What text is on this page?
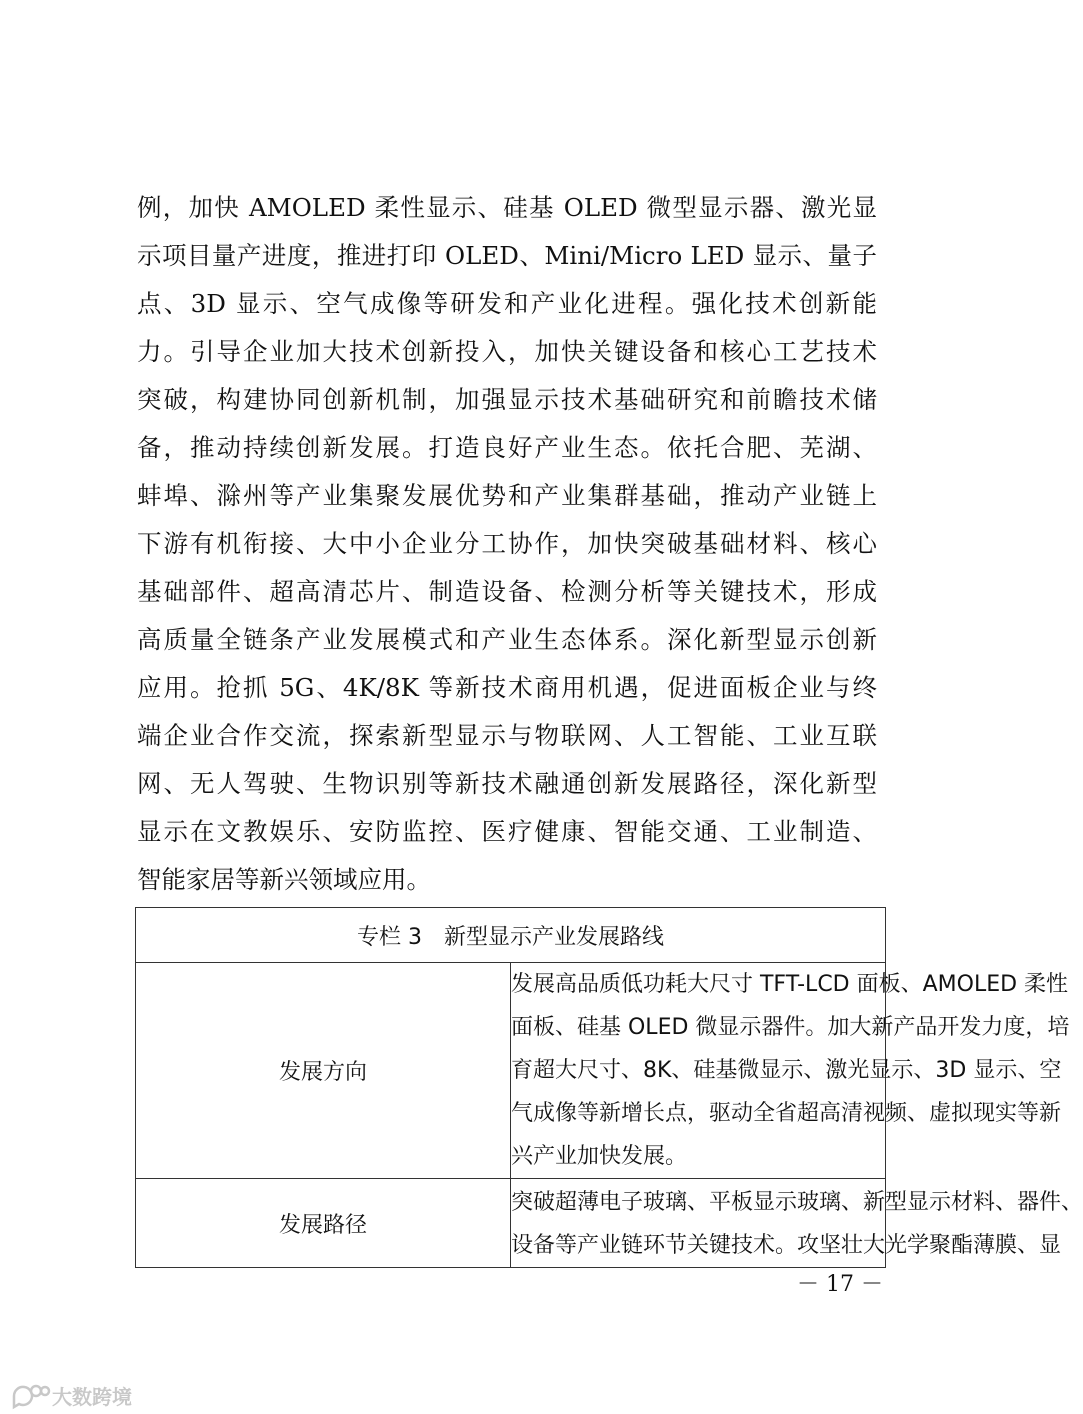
例，加快 AMOLED 柔性显示、硅基 OLED 微型显示器、激光显
示项目量产进度，推进打印 OLED、Mini/Micro LED 显示、量子
点、3D 显示、空气成像等研发和产业化进程。强化技术创新能
力。引导企业加大技术创新投入，加快关键设备和核心工艺技术
突破，构建协同创新机制，加强显示技术基础研究和前瞻技术储
备，推动持续创新发展。打造良好产业生态。依托合肥、芜湖、
蚌埠、滁州等产业集聚发展优势和产业集群基础，推动产业链上
下游有机衔接、大中小企业分工协作，加快突破基础材料、核心
基础部件、超高清芯片、制造设备、检测分析等关键技术，形成
高质量全链条产业发展模式和产业生态体系。深化新型显示创新
应用。抢抓 5G、4K/8K 等新技术商用机遇，促进面板企业与终
端企业合作交流，探索新型显示与物联网、人工智能、工业互联
网、无人驾驶、生物识别等新技术融通创新发展路径，深化新型
显示在文教娱乐、安防监控、医疗健康、智能交通、工业制造、
智能家居等新兴领域应用。
专栏 3　新型显示产业发展路线	
发展方向	发展高品质低功耗大尺寸 TFT-LCD 面板、AMOLED 柔性
面板、硅基 OLED 微显示器件。加大新产品开发力度，培
育超大尺寸、8K、硅基微显示、激光显示、3D 显示、空
气成像等新增长点，驱动全省超高清视频、虚拟现实等新
兴产业加快发展。

发展路径	突破超薄电子玻璃、平板显示玻璃、新型显示材料、器件、
设备等产业链环节关键技术。攻坚壮大光学聚酯薄膜、显
－ 17 －
大数跨境
